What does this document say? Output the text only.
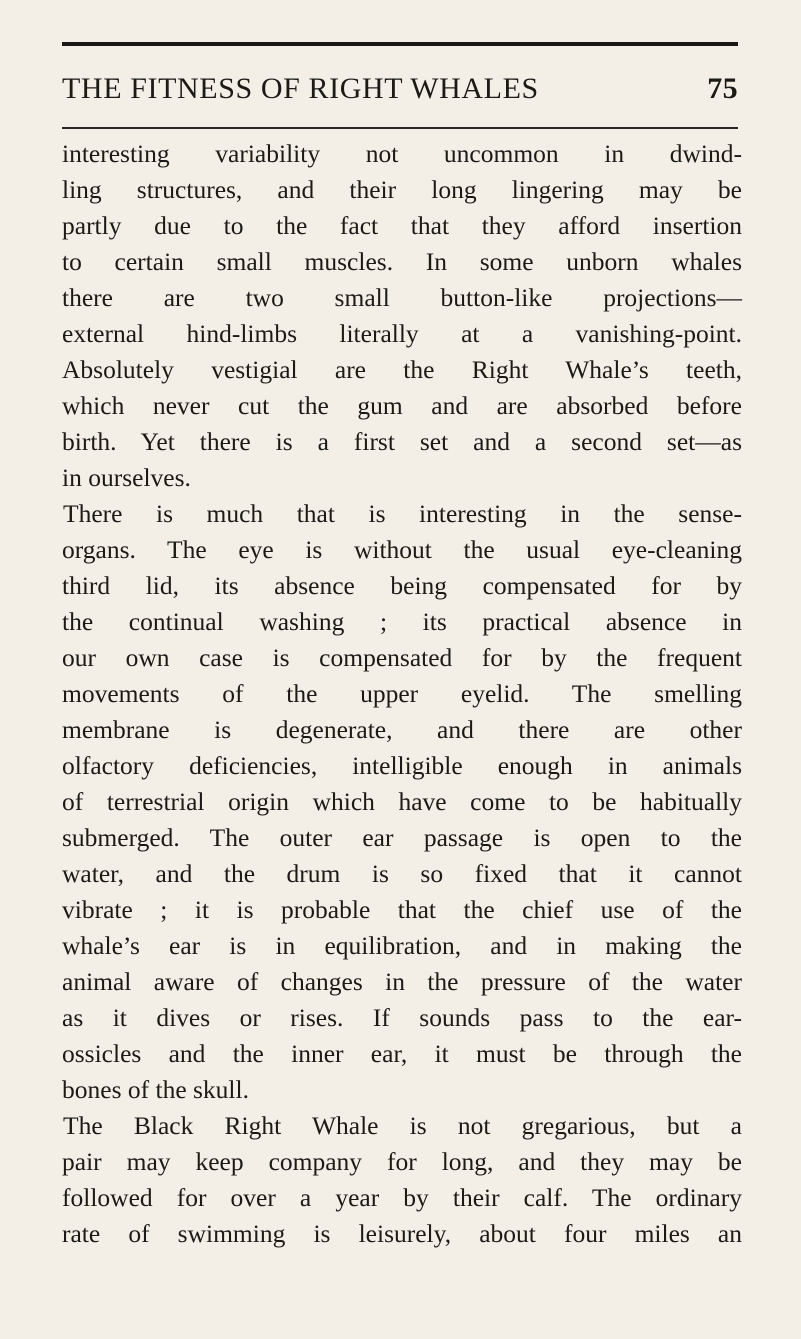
THE FITNESS OF RIGHT WHALES	75
interesting variability not uncommon in dwind-
ling structures, and their long lingering may be
partly due to the fact that they afford insertion
to certain small muscles. In some unborn whales
there are two small button-like projections—
external hind-limbs literally at a vanishing-point.
Absolutely vestigial are the Right Whale’s teeth,
which never cut the gum and are absorbed before
birth. Yet there is a first set and a second set—as
in ourselves.
There is much that is interesting in the sense-
organs. The eye is without the usual eye-cleaning
third lid, its absence being compensated for by
the continual washing ; its practical absence in
our own case is compensated for by the frequent
movements of the upper eyelid. The smelling
membrane is degenerate, and there are other
olfactory deficiencies, intelligible enough in animals
of terrestrial origin which have come to be habitually
submerged. The outer ear passage is open to the
water, and the drum is so fixed that it cannot
vibrate ; it is probable that the chief use of the
whale’s ear is in equilibration, and in making the
animal aware of changes in the pressure of the water
as it dives or rises. If sounds pass to the ear-
ossicles and the inner ear, it must be through the
bones of the skull.
The Black Right Whale is not gregarious, but a
pair may keep company for long, and they may be
followed for over a year by their calf. The ordinary
rate of swimming is leisurely, about four miles an
